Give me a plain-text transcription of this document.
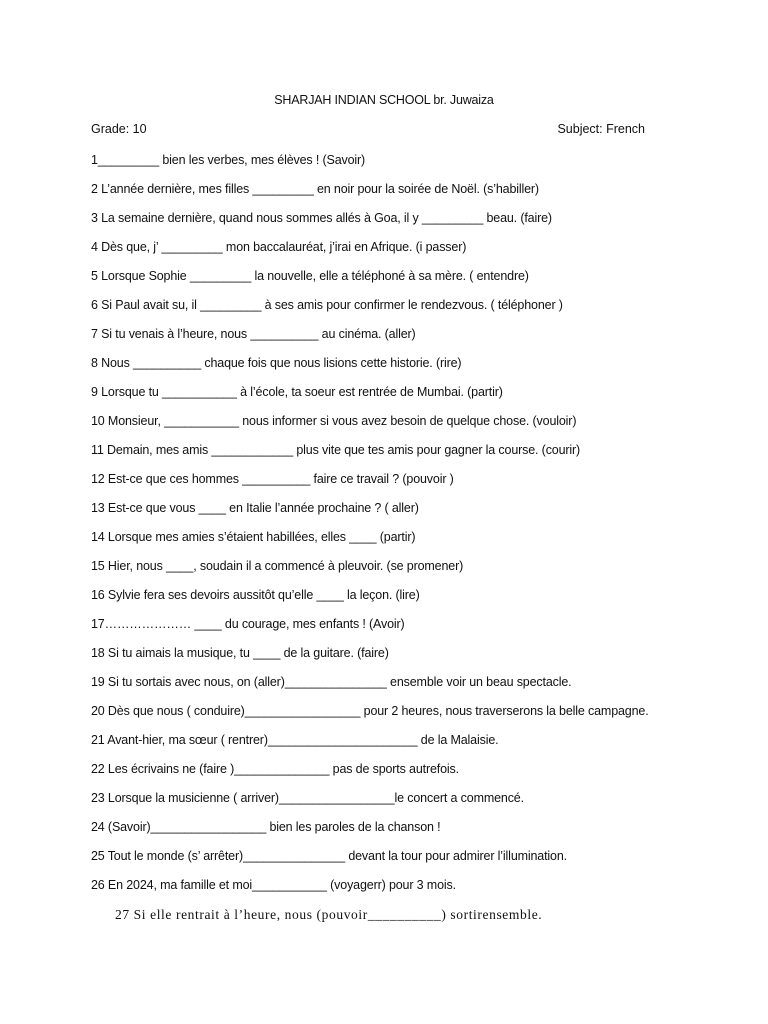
SHARJAH INDIAN SCHOOL br. Juwaiza
Grade: 10	Subject: French
1_________ bien les verbes, mes élèves ! (Savoir)
2 L’année dernière, mes filles _________ en noir pour la soirée de Noël. (s’habiller)
3 La semaine dernière, quand nous sommes allés à Goa, il y _________ beau. (faire)
4 Dès que, j’ _________ mon baccalauréat, j’irai en Afrique. (i passer)
5 Lorsque Sophie _________ la nouvelle, elle a téléphoné à sa mère. ( entendre)
6 Si Paul avait su, il _________ à ses amis pour confirmer le rendezvous. ( téléphoner )
7 Si tu venais à l’heure, nous __________ au cinéma. (aller)
8 Nous __________ chaque fois que nous lisions cette historie. (rire)
9 Lorsque tu ___________ à l’école, ta soeur est rentrée de Mumbai. (partir)
10 Monsieur, ___________ nous informer si vous avez besoin de quelque chose. (vouloir)
11 Demain, mes amis ____________ plus vite que tes amis pour gagner la course. (courir)
12 Est-ce que ces hommes __________ faire ce travail ? (pouvoir )
13 Est-ce que vous ____ en Italie l’année prochaine ? ( aller)
14 Lorsque mes amies s’étaient habillées, elles ____ (partir)
15 Hier, nous ____, soudain il a commencé à pleuvoir. (se promener)
16 Sylvie fera ses devoirs aussitôt qu’elle ____ la leçon. (lire)
17………………… ____ du courage, mes enfants ! (Avoir)
18 Si tu aimais la musique, tu ____ de la guitare. (faire)
19 Si tu sortais avec nous, on (aller)_______________ ensemble voir un beau spectacle.
20 Dès que nous ( conduire)_________________ pour 2 heures, nous traverserons la belle campagne.
21 Avant-hier, ma sœur ( rentrer)______________________ de la Malaisie.
22 Les écrivains ne (faire )______________ pas de sports autrefois.
23 Lorsque la musicienne ( arriver)_________________le concert a commencé.
24 (Savoir)_________________ bien les paroles de la chanson !
25 Tout le monde (s’ arrêter)_______________ devant la tour pour admirer l’illumination.
26 En 2024, ma famille et moi___________ (voyagerr) pour 3 mois.
27 Si elle rentrait à l’heure, nous (pouvoir__________) sortirensemble.
